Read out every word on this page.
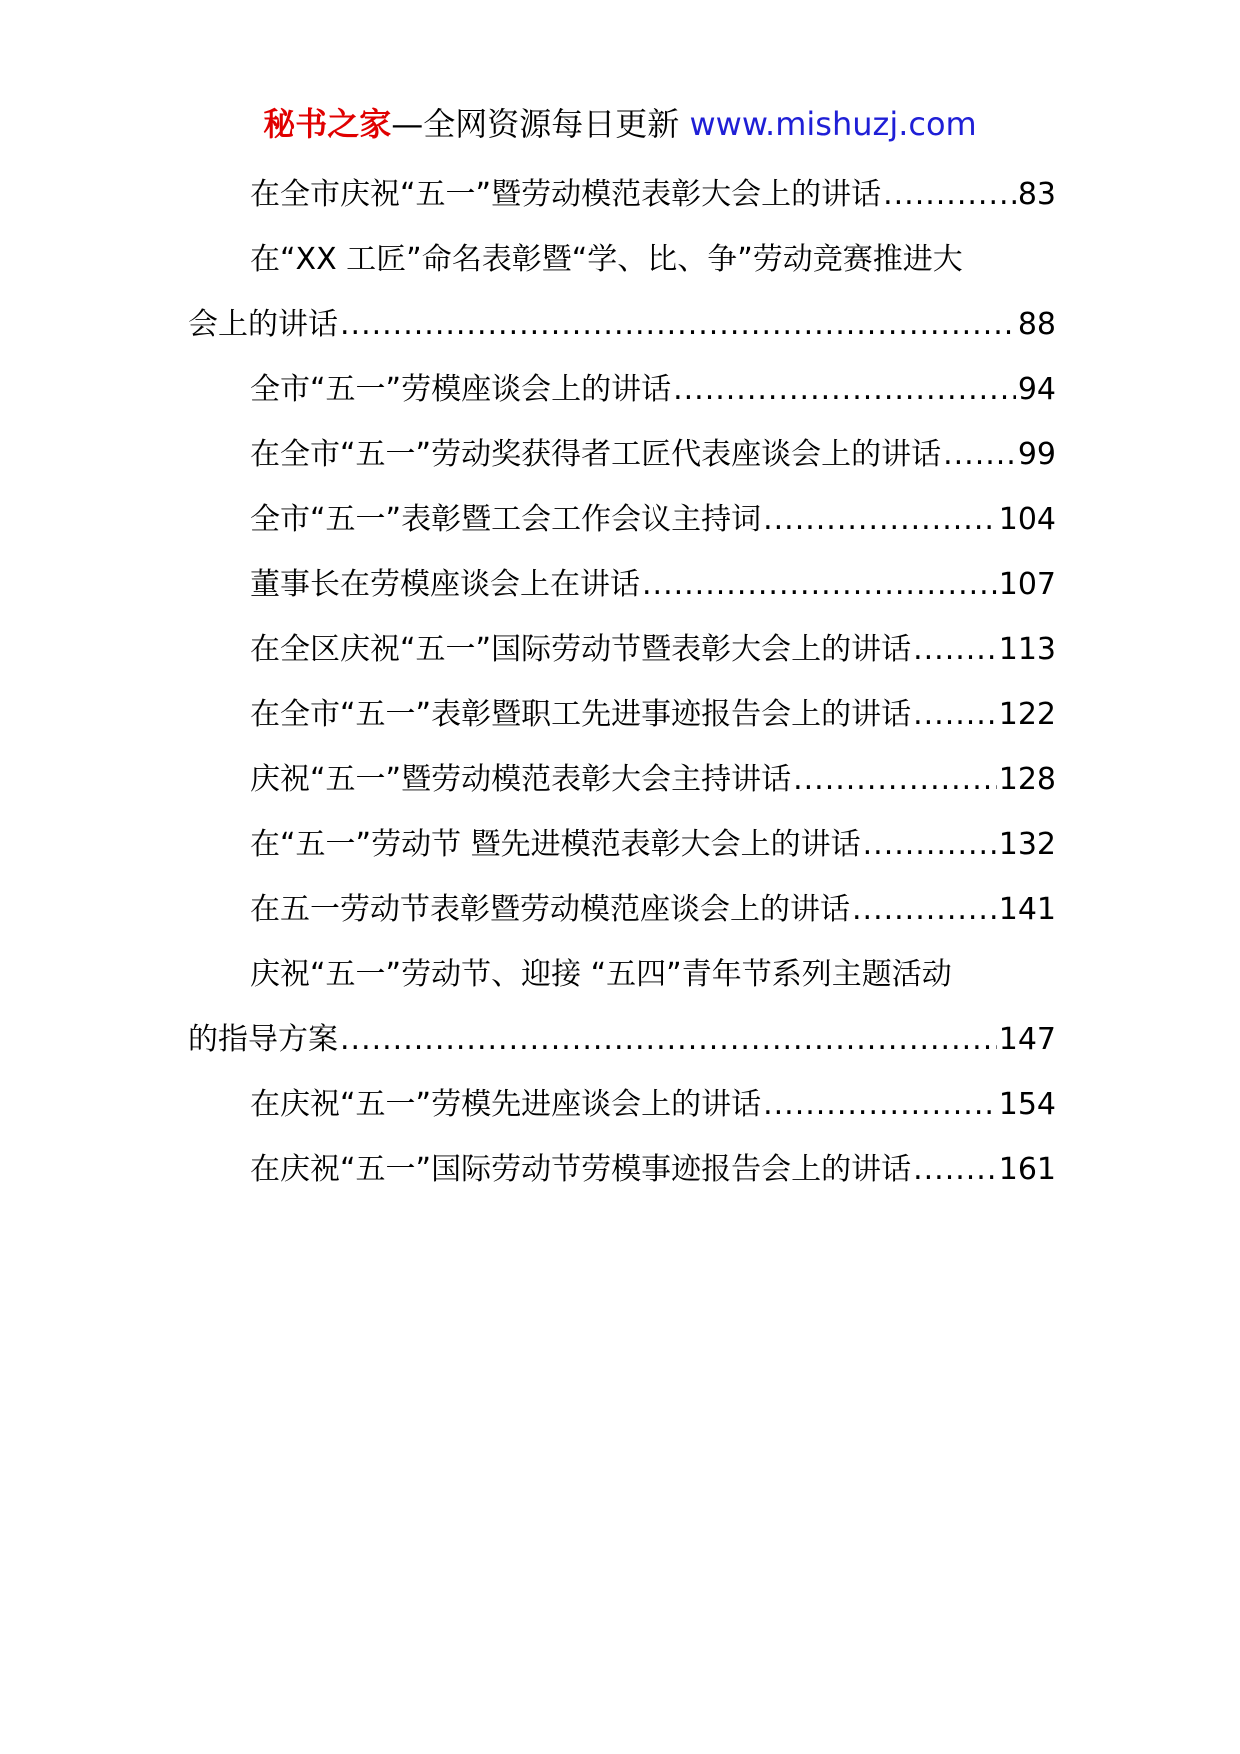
秘书之家—全网资源每日更新 www.mishuzj.com
在全市庆祝“五一”暨劳动模范表彰大会上的讲话 .....	83
在“XX 工匠”命名表彰暨“学、比、争”劳动竞赛推进大
会上的讲话 .....	88
全市“五一”劳模座谈会上的讲话 .....	94
在全市“五一”劳动奖获得者工匠代表座谈会上的讲话 .....	99
全市“五一”表彰暨工会工作会议主持词 .....	104
董事长在劳模座谈会上在讲话 .....	107
在全区庆祝“五一”国际劳动节暨表彰大会上的讲话 .....	113
在全市“五一”表彰暨职工先进事迹报告会上的讲话 .....	122
庆祝“五一”暨劳动模范表彰大会主持讲话 .....	128
在“五一”劳动节 暨先进模范表彰大会上的讲话 .....	132
在五一劳动节表彰暨劳动模范座谈会上的讲话 .....	141
庆祝“五一”劳动节、迎接 “五四”青年节系列主题活动
的指导方案 .....	147
在庆祝“五一”劳模先进座谈会上的讲话 .....	154
在庆祝“五一”国际劳动节劳模事迹报告会上的讲话 .....	161
